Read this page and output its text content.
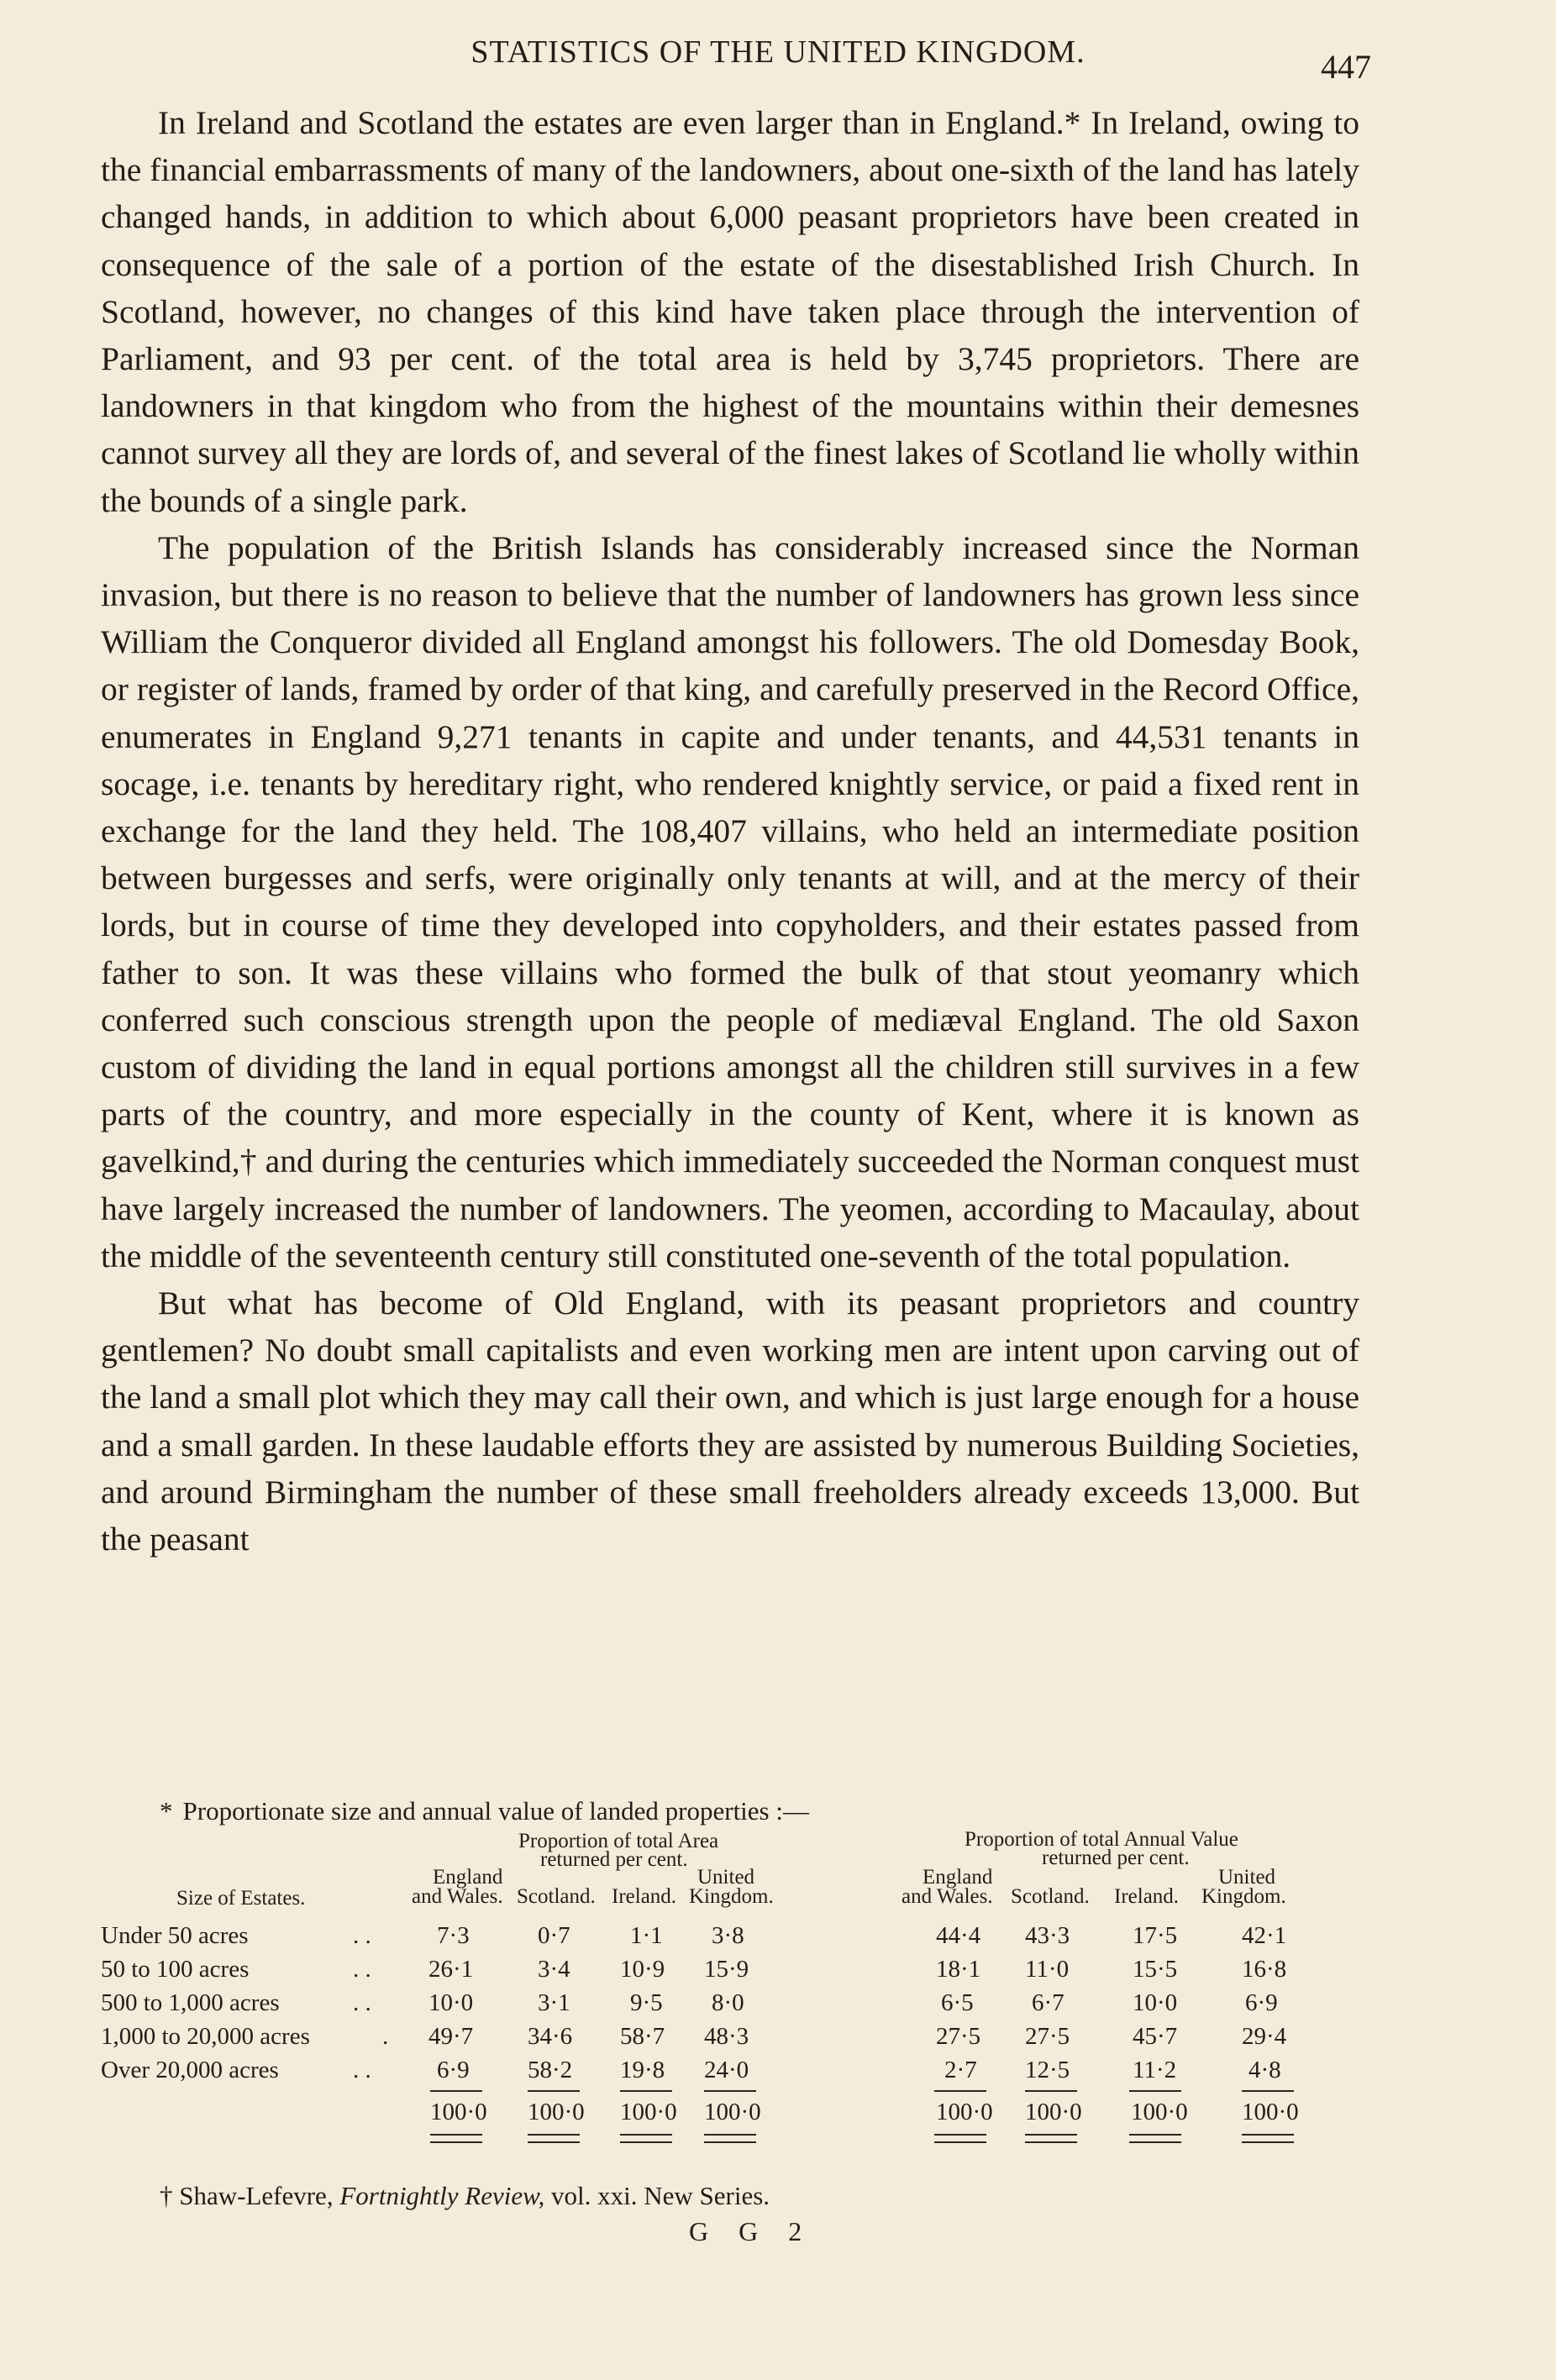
STATISTICS OF THE UNITED KINGDOM.	447

In Ireland and Scotland the estates are even larger than in England.* In Ireland, owing to the financial embarrassments of many of the landowners, about one-sixth of the land has lately changed hands, in addition to which about 6,000 peasant proprietors have been created in consequence of the sale of a portion of the estate of the disestablished Irish Church. In Scotland, however, no changes of this kind have taken place through the intervention of Parliament, and 93 per cent. of the total area is held by 3,745 proprietors. There are landowners in that kingdom who from the highest of the mountains within their demesnes cannot survey all they are lords of, and several of the finest lakes of Scotland lie wholly within the bounds of a single park.

The population of the British Islands has considerably increased since the Norman invasion, but there is no reason to believe that the number of landowners has grown less since William the Conqueror divided all England amongst his followers. The old Domesday Book, or register of lands, framed by order of that king, and carefully preserved in the Record Office, enumerates in England 9,271 tenants in capite and under tenants, and 44,531 tenants in socage, i.e. tenants by hereditary right, who rendered knightly service, or paid a fixed rent in exchange for the land they held. The 108,407 villains, who held an intermediate position between burgesses and serfs, were originally only tenants at will, and at the mercy of their lords, but in course of time they developed into copyholders, and their estates passed from father to son. It was these villains who formed the bulk of that stout yeomanry which conferred such conscious strength upon the people of mediæval England. The old Saxon custom of dividing the land in equal portions amongst all the children still survives in a few parts of the country, and more especially in the county of Kent, where it is known as gavelkind,† and during the centuries which immediately succeeded the Norman conquest must have largely increased the number of landowners. The yeomen, according to Macaulay, about the middle of the seventeenth century still constituted one-seventh of the total population.

But what has become of Old England, with its peasant proprietors and country gentlemen? No doubt small capitalists and even working men are intent upon carving out of the land a small plot which they may call their own, and which is just large enough for a house and a small garden. In these laudable efforts they are assisted by numerous Building Societies, and around Birmingham the number of these small freeholders already exceeds 13,000. But the peasant

* Proportionate size and annual value of landed properties :—
Proportion of total Area
returned per cent.
Proportion of total Annual Value
returned per cent.
England
and Wales. Scotland. Ireland.
United
Kingdom.
England
and Wales. Scotland. Ireland.
United
Kingdom.
Size of Estates.
Under 50 acres	. .	7·3	0·7 1·1 3·8	44·4 43·3	17·5	42·1
50 to 100 acres	. . 26·1	3·4 10·9 15·9	18·1 11·0	15·5	16·8
500 to 1,000 acres	. . 10·0	3·1 9·5 8·0	6·5 6·7	10·0	6·9
1,000 to 20,000 acres	. 49·7 34·6 58·7 48·3	27·5 27·5	45·7	29·4
Over 20,000 acres	. .	6·9 58·2 19·8 24·0	2·7 12·5	11·2	4·8
100·0 100·0 100·0 100·0	100·0 100·0 100·0 100·0
† Shaw-Lefevre, Fortnightly Review, vol. xxi. New Series.
G G 2
